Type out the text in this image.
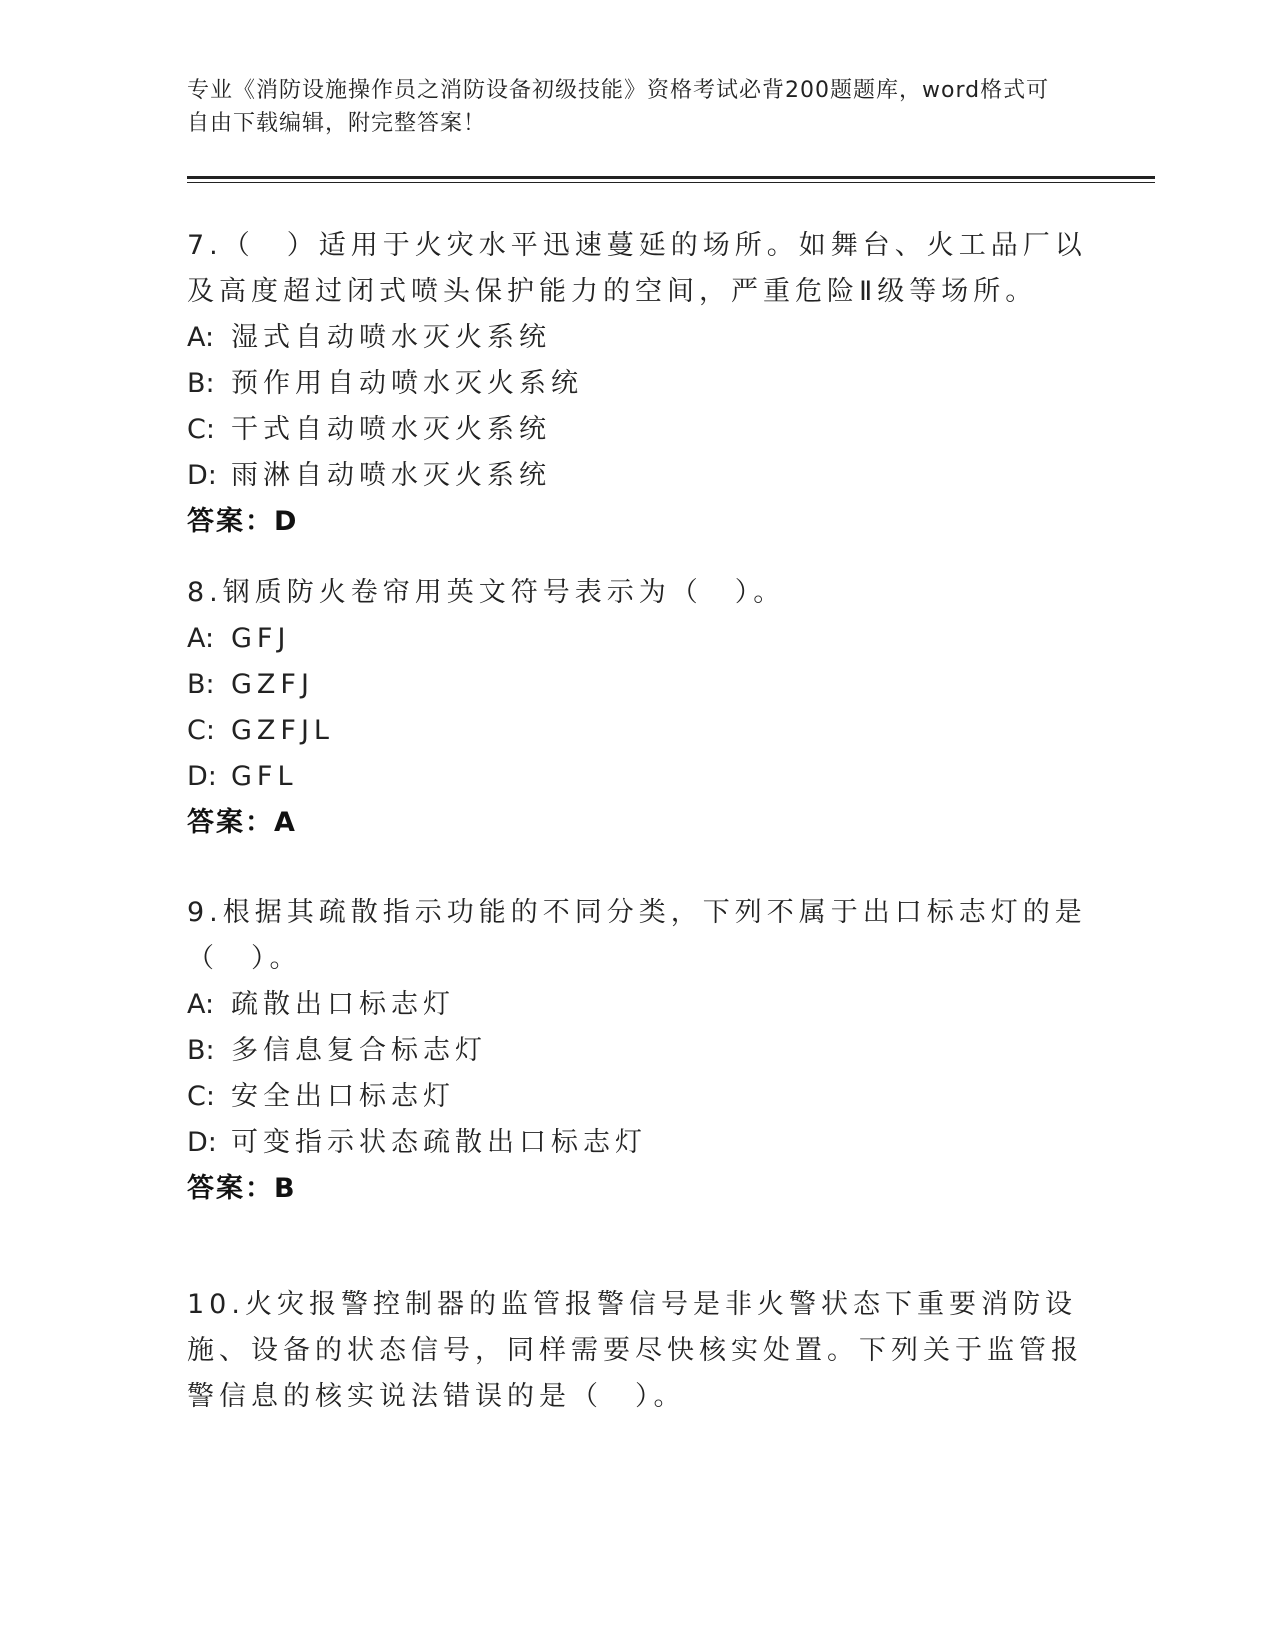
专业《消防设施操作员之消防设备初级技能》资格考试必背200题题库，word格式可自由下载编辑，附完整答案！
7.（　）适用于火灾水平迅速蔓延的场所。如舞台、火工品厂以及高度超过闭式喷头保护能力的空间，严重危险Ⅱ级等场所。
A: 湿式自动喷水灭火系统
B: 预作用自动喷水灭火系统
C: 干式自动喷水灭火系统
D: 雨淋自动喷水灭火系统
答案：D
8.钢质防火卷帘用英文符号表示为（　）。
A: GFJ
B: GZFJ
C: GZFJL
D: GFL
答案：A
9.根据其疏散指示功能的不同分类，下列不属于出口标志灯的是（　）。
A: 疏散出口标志灯
B: 多信息复合标志灯
C: 安全出口标志灯
D: 可变指示状态疏散出口标志灯
答案：B
10.火灾报警控制器的监管报警信号是非火警状态下重要消防设施、设备的状态信号，同样需要尽快核实处置。下列关于监管报警信息的核实说法错误的是（　）。
